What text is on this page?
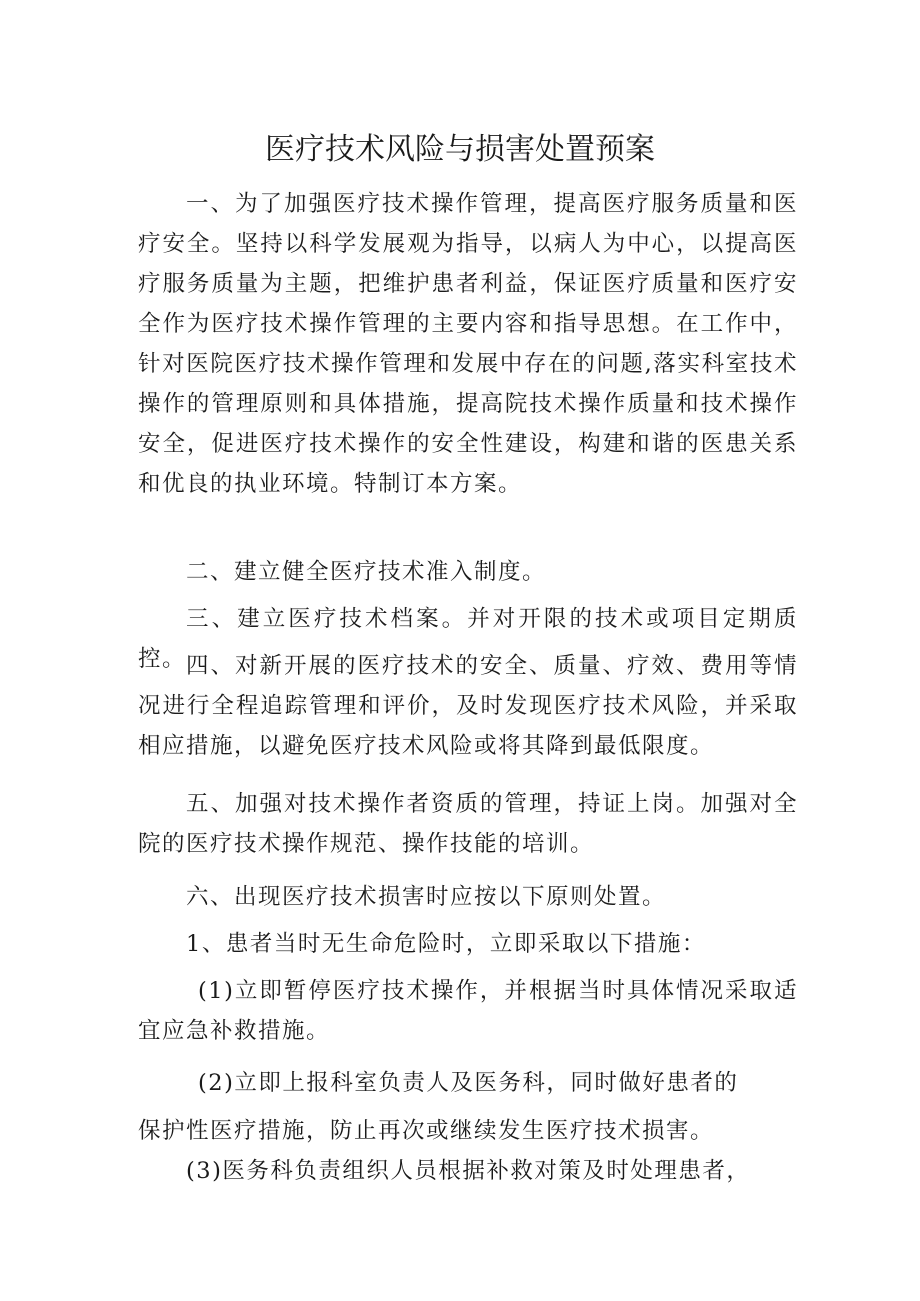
医疗技术风险与损害处置预案
一、为了加强医疗技术操作管理，提高医疗服务质量和医疗安全。坚持以科学发展观为指导，以病人为中心，以提高医疗服务质量为主题，把维护患者利益，保证医疗质量和医疗安全作为医疗技术操作管理的主要内容和指导思想。在工作中，针对医院医疗技术操作管理和发展中存在的问题,落实科室技术操作的管理原则和具体措施，提高院技术操作质量和技术操作安全，促进医疗技术操作的安全性建设，构建和谐的医患关系和优良的执业环境。特制订本方案。
二、建立健全医疗技术准入制度。
三、建立医疗技术档案。并对开限的技术或项目定期质控。 四、对新开展的医疗技术的安全、质量、疗效、费用等情况进行全程追踪管理和评价，及时发现医疗技术风险，并采取相应措施，以避免医疗技术风险或将其降到最低限度。
五、加强对技术操作者资质的管理，持证上岗。加强对全院的医疗技术操作规范、操作技能的培训。
六、出现医疗技术损害时应按以下原则处置。
1、患者当时无生命危险时，立即采取以下措施：
(1)立即暂停医疗技术操作，并根据当时具体情况采取适宜应急补救措施。
(2)立即上报科室负责人及医务科，同时做好患者的
保护性医疗措施，防止再次或继续发生医疗技术损害。
(3)医务科负责组织人员根据补救对策及时处理患者，
